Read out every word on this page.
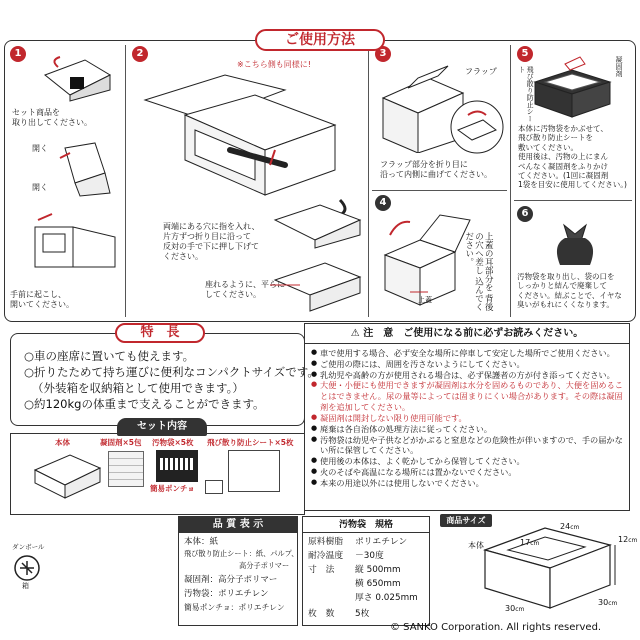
ご使用方法
1
セット商品を
取り出してください。
開く
開く
手前に起こし、
開いてください。
2
※こちら側も同様に!
両端にある穴に指を入れ、
片方ずつ折り目に沿って
反対の手で下に押し下げて
ください。
座れるように、平らに
してください。
3
フラップ
フラップ部分を折り目に
沿って内側に曲げてください。
4
上蓋	上蓋の耳部分を 背後の穴へ差し 込んでください。
5
飛び散り防止シート	凝固剤
本体に汚物袋をかぶせて、
飛び散り防止シートを
敷いてください。
使用後は、汚物の上にまん
べんなく凝固剤をふりかけ
てください。(1回に凝固剤
1袋を目安に使用してください。)
6
汚物袋を取り出し、袋の口を
しっかりと結んで廃棄して
ください。結ぶことで、イヤな
臭いがもれにくくなります。
特　長
○車の座席に置いても使えます。
○折りたためて持ち運びに便利なコンパクトサイズです。
（外装箱を収納箱として使用できます。）
○約120kgの体重まで支えることができます。
⚠ 注　意　ご使用になる前に必ずお読みください。
● 車で使用する場合、必ず安全な場所に停車して安定した場所でご使用ください。
● ご使用の際には、周囲を汚さないようにしてください。
● 乳幼児や高齢の方が使用される場合は、必ず保護者の方が付き添ってください。
● 大便・小便にも使用できますが凝固剤は水分を固めるものであり、大便を固めることはできません。尿の量等によっては固まりにくい場合があります。その際は凝固剤を追加してください。
● 凝固剤は開封しない限り使用可能です。
● 廃棄は各自治体の処理方法に従ってください。
● 汚物袋は幼児や子供などがかぶると窒息などの危険性が伴いますので、手の届かない所に保管してください。
● 使用後の本体は、よく乾かしてから保管してください。
● 火のそばや高温になる場所には置かないでください。
● 本来の用途以外には使用しないでください。
セット内容
本体	凝固剤×5包 汚物袋×5枚 飛び散り防止シート×5枚
簡易ポンチョ
ダンボール
箱
品 質 表 示
本体：紙
飛び散り防止シート：紙、パルプ、
高分子ポリマー
凝固剤：高分子ポリマー
汚物袋：ポリエチレン
簡易ポンチョ：ポリエチレン
汚物袋　規格
原料樹脂 ポリエチレン
耐冷温度 －30度
寸　法 縦 500mm
横 650mm
厚さ 0.025mm
枚　数 5枚
商品サイズ
本体
24cm
17cm	12cm
30cm
30cm
© SANKO Corporation. All rights reserved.
